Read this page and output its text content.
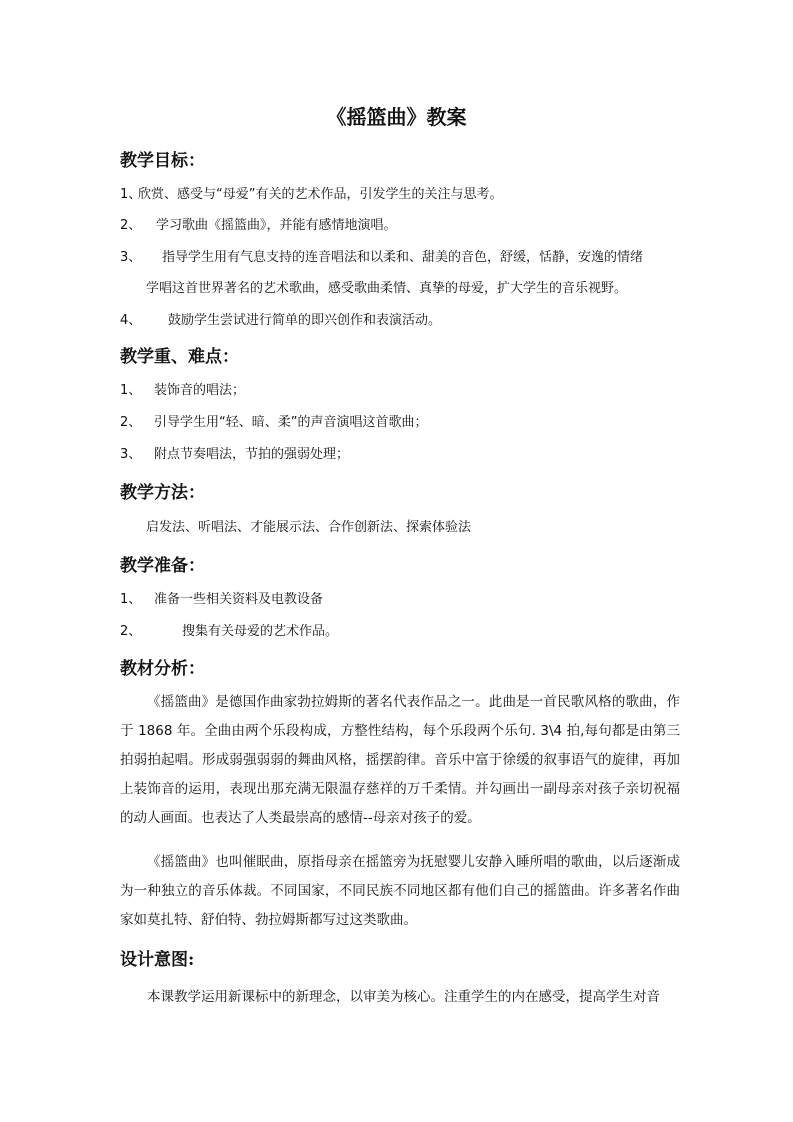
《摇篮曲》教案
教学目标：
1、欣赏、感受与“母爱”有关的艺术作品，引发学生的关注与思考。
2、 学习歌曲《摇篮曲》，并能有感情地演唱。
3、 指导学生用有气息支持的连音唱法和以柔和、甜美的音色，舒缓，恬静，安逸的情绪
学唱这首世界著名的艺术歌曲，感受歌曲柔情、真挚的母爱，扩大学生的音乐视野。
4、 鼓励学生尝试进行简单的即兴创作和表演活动。
教学重、难点：
1、 装饰音的唱法；
2、 引导学生用“轻、暗、柔”的声音演唱这首歌曲；
3、 附点节奏唱法，节拍的强弱处理；
教学方法：
启发法、听唱法、才能展示法、合作创新法、探索体验法
教学准备：
1、 准备一些相关资料及电教设备
2、	搜集有关母爱的艺术作品。
教材分析：
《摇篮曲》是德国作曲家勃拉姆斯的著名代表作品之一。此曲是一首民歌风格的歌曲，作于 1868 年。全曲由两个乐段构成，方整性结构，每个乐段两个乐句. 3\4 拍,每句都是由第三拍弱拍起唱。形成弱强弱弱的舞曲风格，摇摆韵律。音乐中富于徐缓的叙事语气的旋律，再加上装饰音的运用，表现出那充满无限温存慈祥的万千柔情。并勾画出一副母亲对孩子亲切祝福的动人画面。也表达了人类最崇高的感情--母亲对孩子的爱。
《摇篮曲》也叫催眠曲，原指母亲在摇篮旁为抚慰婴儿安静入睡所唱的歌曲，以后逐渐成为一种独立的音乐体裁。不同国家，不同民族不同地区都有他们自己的摇篮曲。许多著名作曲家如莫扎特、舒伯特、勃拉姆斯都写过这类歌曲。
设计意图:
本课教学运用新课标中的新理念，以审美为核心。注重学生的内在感受，提高学生对音
